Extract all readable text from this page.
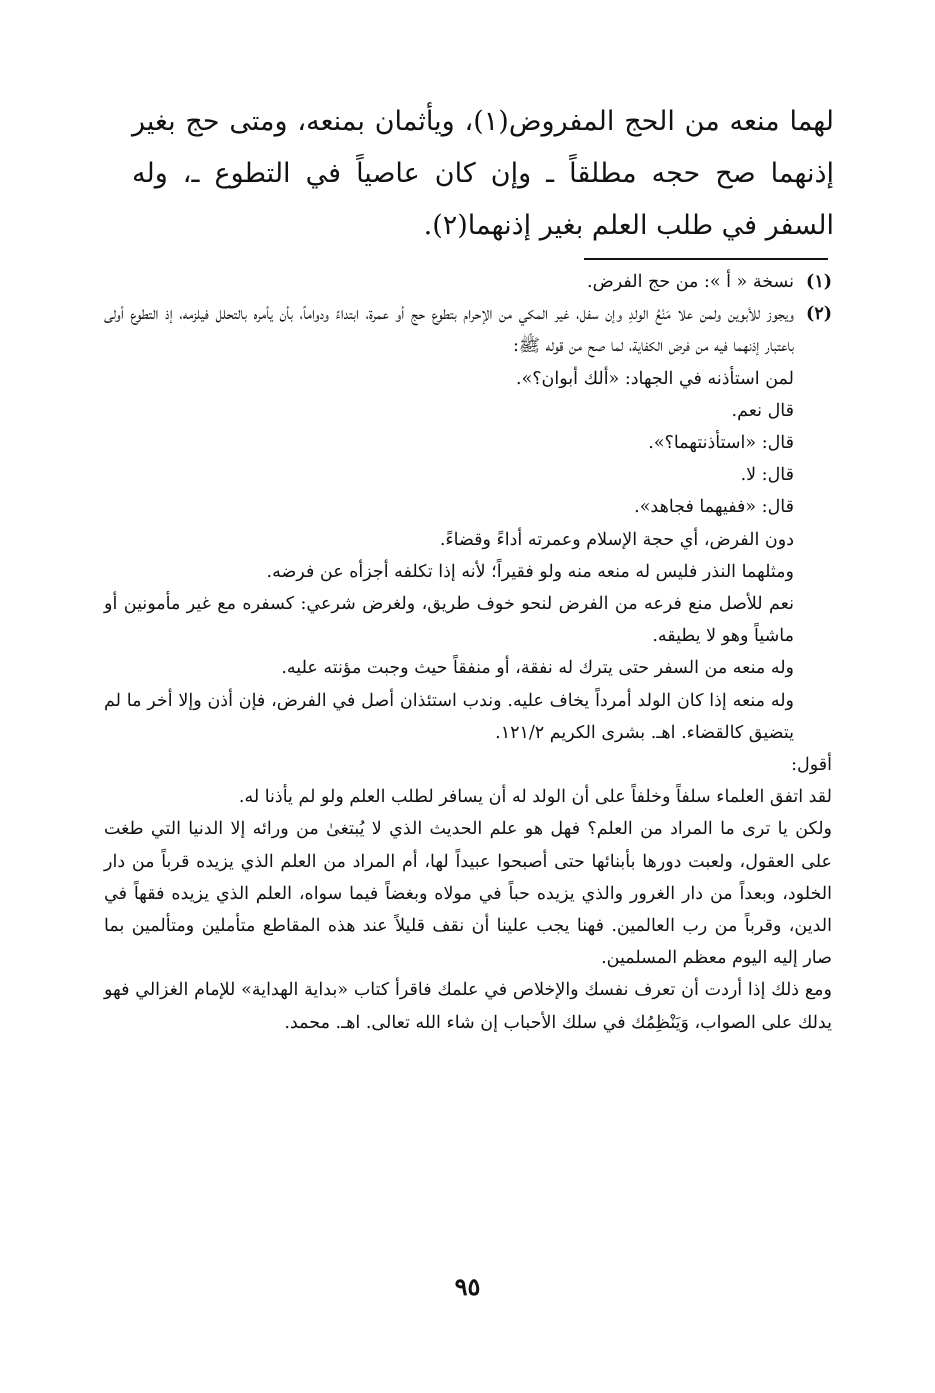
لهما منعه من الحج المفروض(١)، ويأثمان بمنعه، ومتى حج بغير إذنهما صح حجه مطلقاً ـ وإن كان عاصياً في التطوع ـ، وله السفر في طلب العلم بغير إذنهما(٢).
(١)
نسخة « أ »: من حج الفرض.
(٢)
ويجوز للأبوين ولمن علا مَنْعُ الولدِ وإن سفل، غير المكي من الإحرام بتطوع حج أو عمرة، ابتداءً ودواماً، بأن يأمره بالتحلل فيلزمه، إذ التطوع أولى باعتبار إذنهما فيه من فرض الكفاية، لما صح من قوله ﷺ:
لمن استأذنه في الجهاد: «ألك أبوان؟».
قال نعم.
قال: «استأذنتهما؟».
قال: لا.
قال: «ففيهما فجاهد».
دون الفرض، أي حجة الإسلام وعمرته أداءً وقضاءً.
ومثلهما النذر فليس له منعه منه ولو فقيراً؛ لأنه إذا تكلفه أجزأه عن فرضه.
نعم للأصل منع فرعه من الفرض لنحو خوف طريق، ولغرض شرعي: كسفره مع غير مأمونين أو ماشياً وهو لا يطيقه.
وله منعه من السفر حتى يترك له نفقة، أو منفقاً حيث وجبت مؤنته عليه.
وله منعه إذا كان الولد أمرداً يخاف عليه. وندب استئذان أصل في الفرض، فإن أذن وإلا أخر ما لم يتضيق كالقضاء. اهـ. بشرى الكريم ١٢١/٢.
أقول:
لقد اتفق العلماء سلفاً وخلفاً على أن الولد له أن يسافر لطلب العلم ولو لم يأذنا له.
ولكن يا ترى ما المراد من العلم؟ فهل هو علم الحديث الذي لا يُبتغىٰ من ورائه إلا الدنيا التي طغت على العقول، ولعبت دورها بأبنائها حتى أصبحوا عبيداً لها، أم المراد من العلم الذي يزيده قرباً من دار الخلود، وبعداً من دار الغرور والذي يزيده حباً في مولاه وبغضاً فيما سواه، العلم الذي يزيده فقهاً في الدين، وقرباً من رب العالمين. فهنا يجب علينا أن نقف قليلاً عند هذه المقاطع متأملين ومتألمين بما صار إليه اليوم معظم المسلمين.
ومع ذلك إذا أردت أن تعرف نفسك والإخلاص في علمك فاقرأ كتاب «بداية الهداية» للإمام الغزالي فهو يدلك على الصواب، وَيَنْظِمُك في سلك الأحباب إن شاء الله تعالى. اهـ. محمد.
٩٥
